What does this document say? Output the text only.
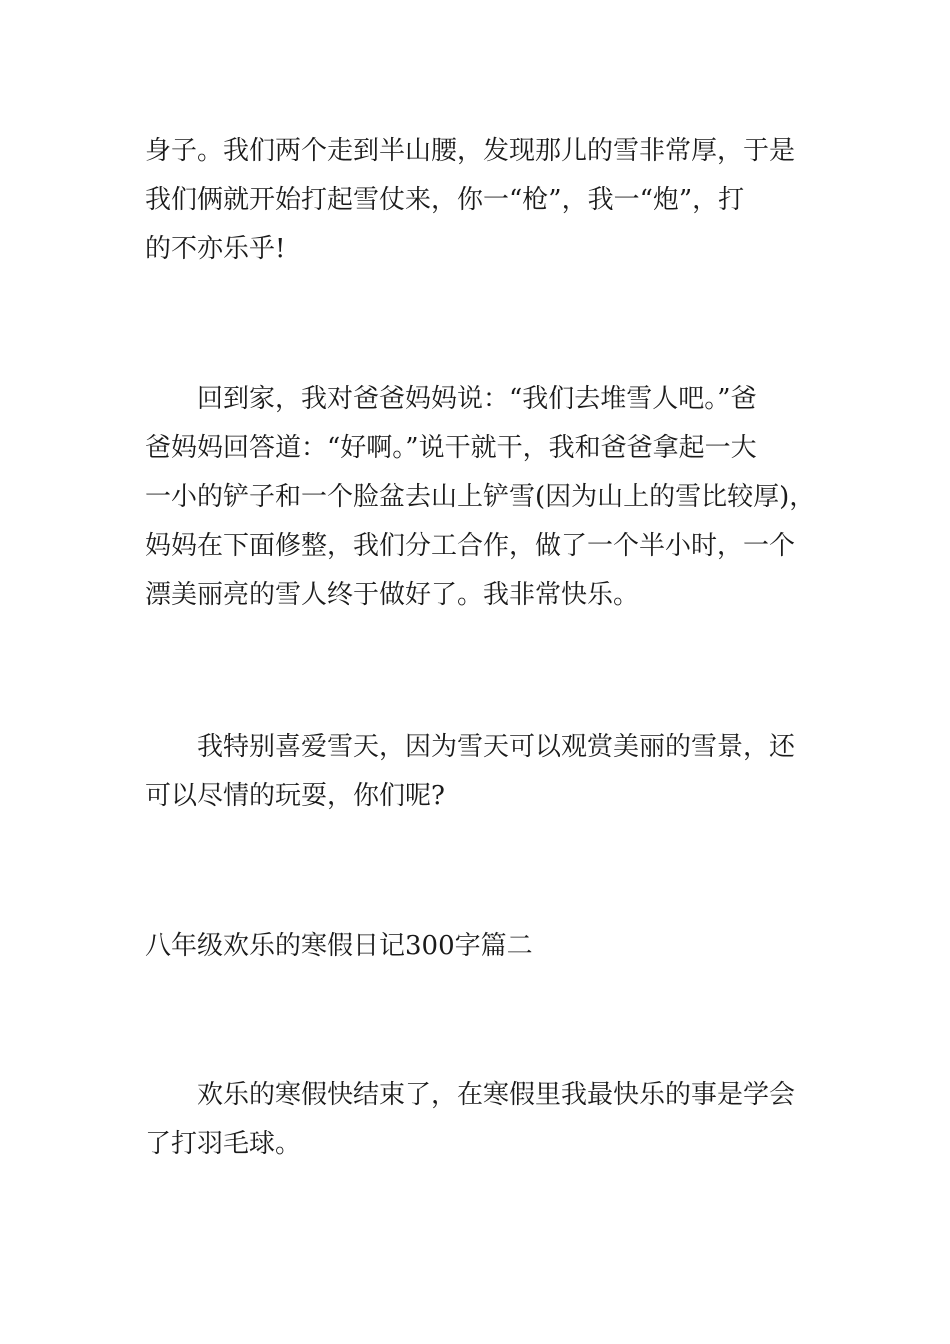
身子。我们两个走到半山腰，发现那儿的雪非常厚，于是
我们俩就开始打起雪仗来，你一“枪”，我一“炮”，打
的不亦乐乎!

回到家，我对爸爸妈妈说：“我们去堆雪人吧。”爸
爸妈妈回答道：“好啊。”说干就干，我和爸爸拿起一大
一小的铲子和一个脸盆去山上铲雪(因为山上的雪比较厚)，
妈妈在下面修整，我们分工合作，做了一个半小时，一个
漂美丽亮的雪人终于做好了。我非常快乐。

我特别喜爱雪天，因为雪天可以观赏美丽的雪景，还
可以尽情的玩耍，你们呢?

八年级欢乐的寒假日记300字篇二

欢乐的寒假快结束了，在寒假里我最快乐的事是学会
了打羽毛球。
